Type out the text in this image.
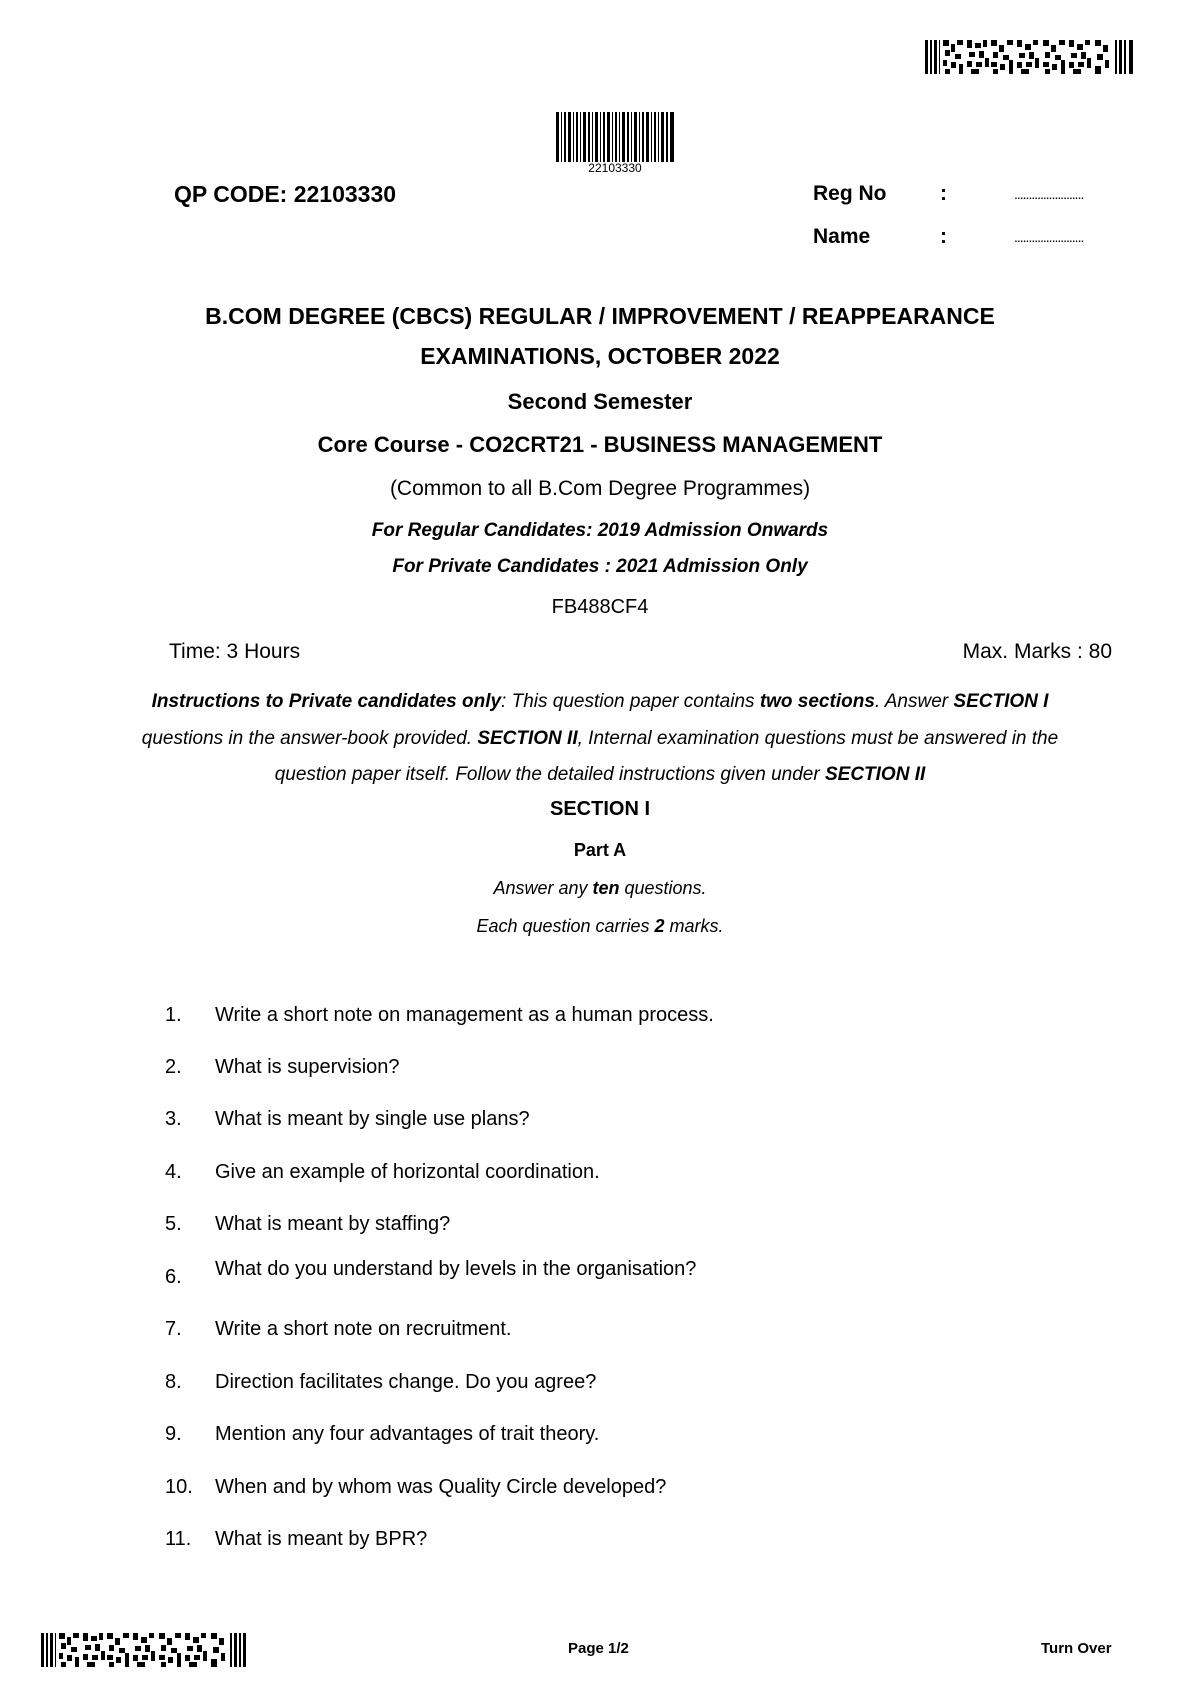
22103330
QP CODE: 22103330	Reg No	:	........................
Name	:	........................
B.COM DEGREE (CBCS) REGULAR / IMPROVEMENT / REAPPEARANCE
EXAMINATIONS, OCTOBER 2022
Second Semester
Core Course - CO2CRT21 - BUSINESS MANAGEMENT
(Common to all B.Com Degree Programmes)
For Regular Candidates: 2019 Admission Onwards
For Private Candidates : 2021 Admission Only
FB488CF4
Time: 3 Hours	Max. Marks : 80
Instructions to Private candidates only: This question paper contains two sections. Answer SECTION I questions in the answer-book provided. SECTION II, Internal examination questions must be answered in the question paper itself. Follow the detailed instructions given under SECTION II
SECTION I
Part A
Answer any ten questions.
Each question carries 2 marks.
1. Write a short note on management as a human process.
2. What is supervision?
3. What is meant by single use plans?
4. Give an example of horizontal coordination.
5. What is meant by staffing?
6. What do you understand by levels in the organisation?
7. Write a short note on recruitment.
8. Direction facilitates change. Do you agree?
9. Mention any four advantages of trait theory.
10. When and by whom was Quality Circle developed?
11. What is meant by BPR?
Page 1/2	Turn Over
